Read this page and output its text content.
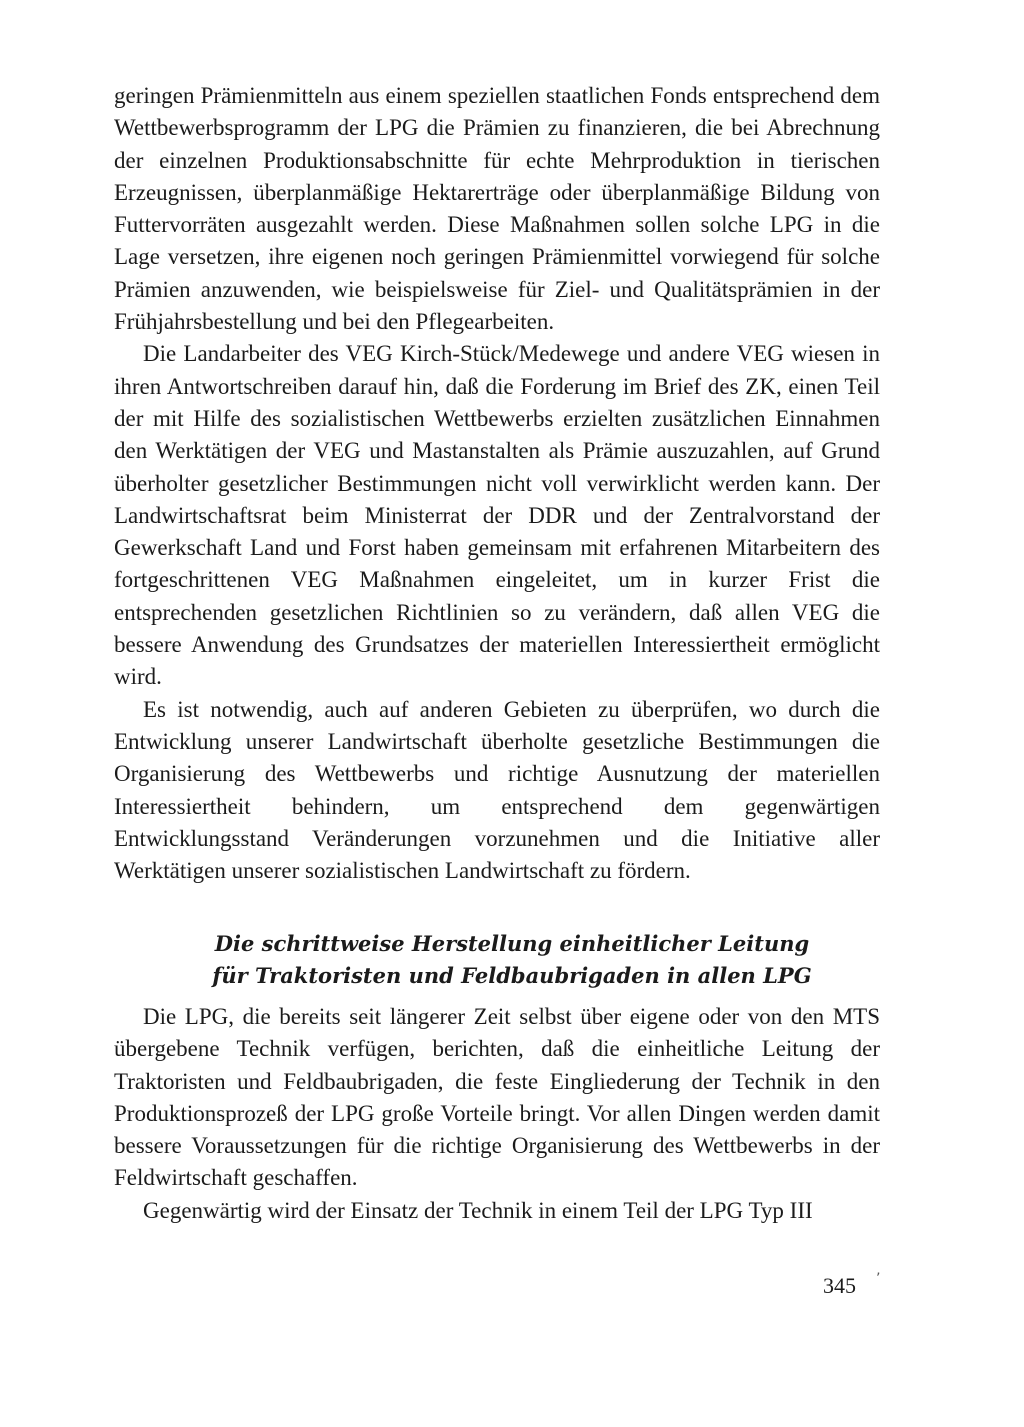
geringen Prämienmitteln aus einem speziellen staatlichen Fonds entsprechend dem Wettbewerbsprogramm der LPG die Prämien zu finanzieren, die bei Abrechnung der einzelnen Produktionsabschnitte für echte Mehrproduktion in tierischen Erzeugnissen, überplanmäßige Hektarerträge oder überplanmäßige Bildung von Futtervorräten ausgezahlt werden. Diese Maßnahmen sollen solche LPG in die Lage versetzen, ihre eigenen noch geringen Prämienmittel vorwiegend für solche Prämien anzuwenden, wie beispielsweise für Ziel- und Qualitätsprämien in der Frühjahrsbestellung und bei den Pflegearbeiten.

Die Landarbeiter des VEG Kirch-Stück/Medewege und andere VEG wiesen in ihren Antwortschreiben darauf hin, daß die Forderung im Brief des ZK, einen Teil der mit Hilfe des sozialistischen Wettbewerbs erzielten zusätzlichen Einnahmen den Werktätigen der VEG und Mastanstalten als Prämie auszuzahlen, auf Grund überholter gesetzlicher Bestimmungen nicht voll verwirklicht werden kann. Der Landwirtschaftsrat beim Ministerrat der DDR und der Zentralvorstand der Gewerkschaft Land und Forst haben gemeinsam mit erfahrenen Mitarbeitern des fortgeschrittenen VEG Maßnahmen eingeleitet, um in kurzer Frist die entsprechenden gesetzlichen Richtlinien so zu verändern, daß allen VEG die bessere Anwendung des Grundsatzes der materiellen Interessiertheit ermöglicht wird.

Es ist notwendig, auch auf anderen Gebieten zu überprüfen, wo durch die Entwicklung unserer Landwirtschaft überholte gesetzliche Bestimmungen die Organisierung des Wettbewerbs und richtige Ausnutzung der materiellen Interessiertheit behindern, um entsprechend dem gegenwärtigen Entwicklungsstand Veränderungen vorzunehmen und die Initiative aller Werktätigen unserer sozialistischen Landwirtschaft zu fördern.

Die schrittweise Herstellung einheitlicher Leitung
für Traktoristen und Feldbaubrigaden in allen LPG

Die LPG, die bereits seit längerer Zeit selbst über eigene oder von den MTS übergebene Technik verfügen, berichten, daß die einheitliche Leitung der Traktoristen und Feldbaubrigaden, die feste Eingliederung der Technik in den Produktionsprozeß der LPG große Vorteile bringt. Vor allen Dingen werden damit bessere Voraussetzungen für die richtige Organisierung des Wettbewerbs in der Feldwirtschaft geschaffen.

Gegenwärtig wird der Einsatz der Technik in einem Teil der LPG Typ III

345 ’
